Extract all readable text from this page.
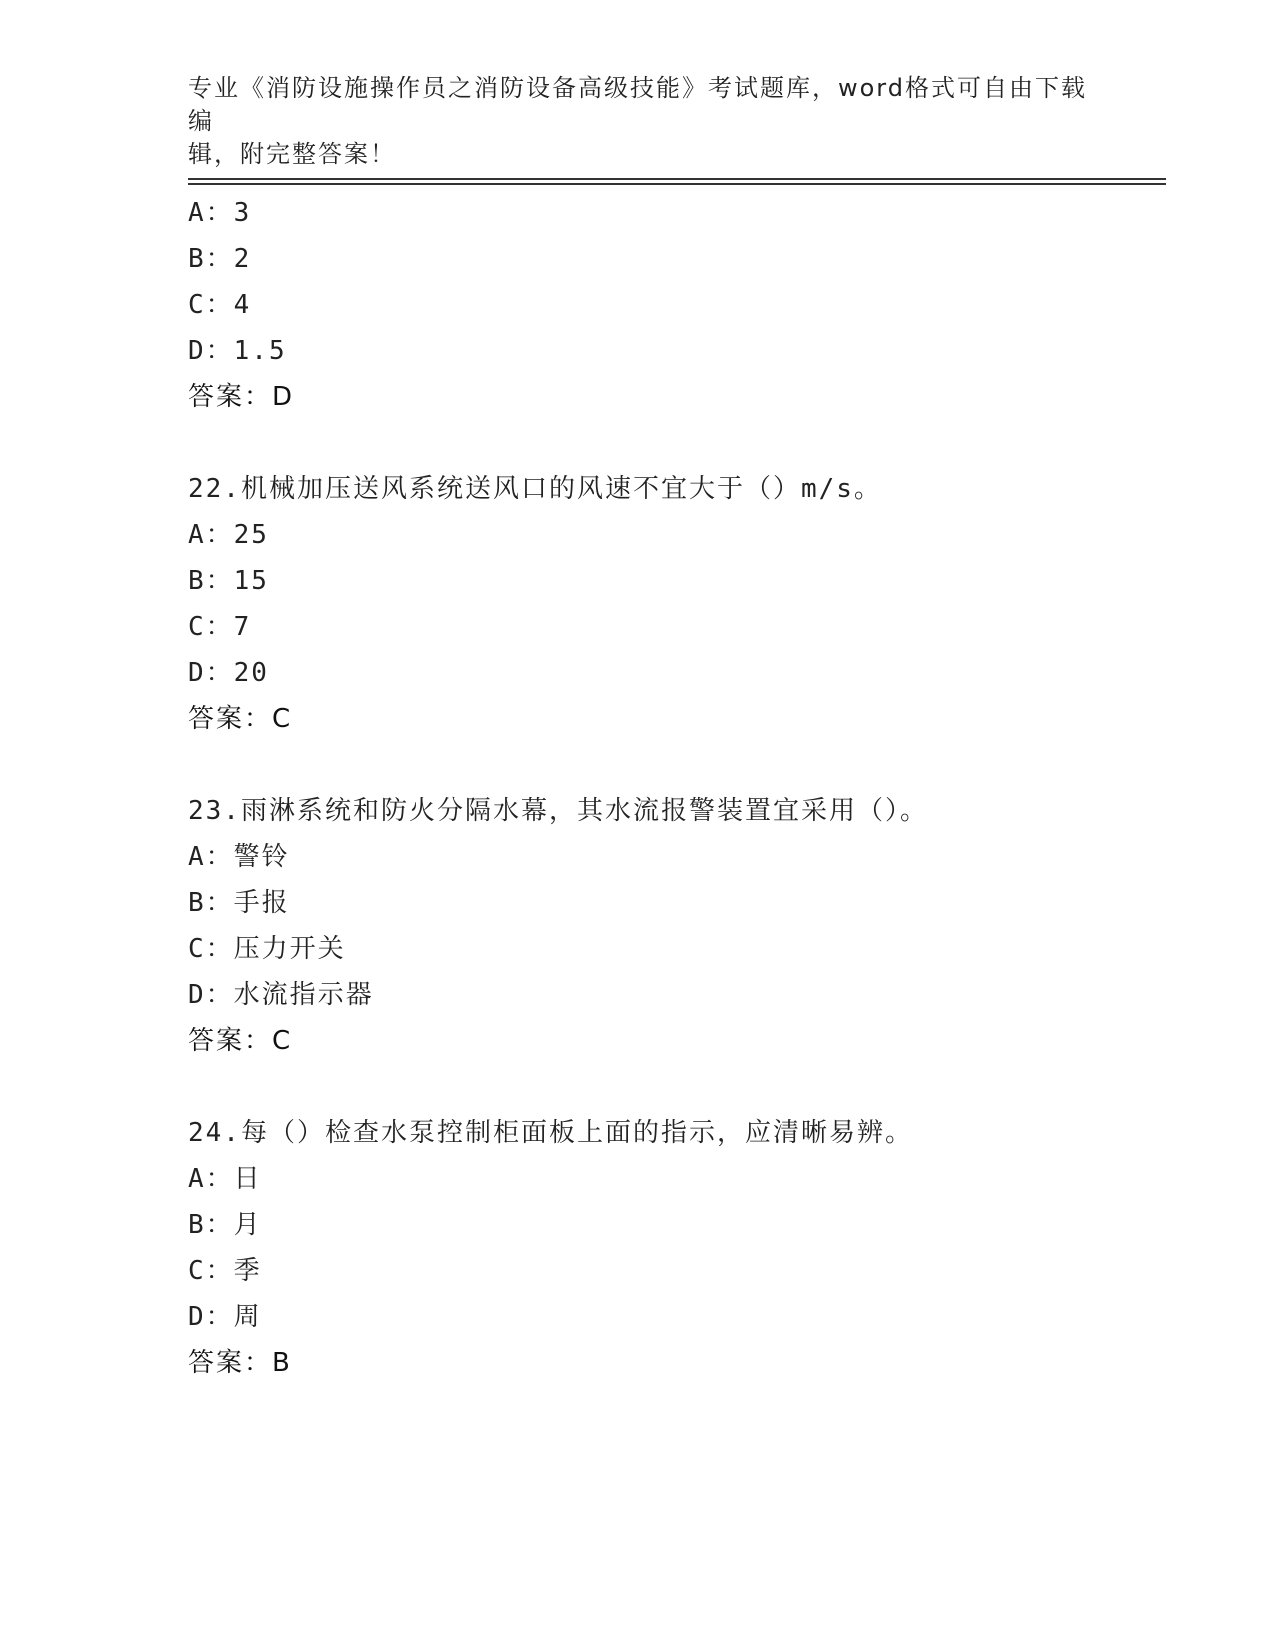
专业《消防设施操作员之消防设备高级技能》考试题库，word格式可自由下载编
辑，附完整答案！
A：3
B：2
C：4
D：1.5
答案：D
22.机械加压送风系统送风口的风速不宜大于（）m/s。
A：25
B：15
C：7
D：20
答案：C
23.雨淋系统和防火分隔水幕，其水流报警装置宜采用（）。
A：警铃
B：手报
C：压力开关
D：水流指示器
答案：C
24.每（）检查水泵控制柜面板上面的指示，应清晰易辨。
A：日
B：月
C：季
D：周
答案：B
